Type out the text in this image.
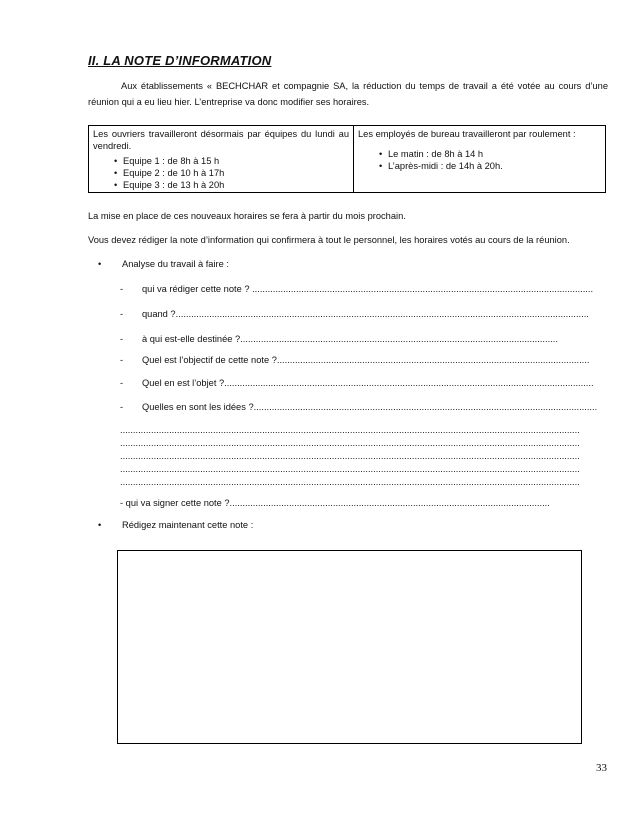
II. LA NOTE D’INFORMATION
Aux établissements « BECHCHAR et compagnie SA, la réduction du temps de travail a été votée au cours d’une réunion qui a eu lieu hier. L’entreprise va donc modifier ses horaires.
Les ouvriers travailleront désormais par équipes du lundi au vendredi.
• Equipe 1 : de 8h à 15 h
• Equipe 2 : de 10 h à 17h
• Equipe 3 : de 13 h à 20h
Les employés de bureau travailleront par roulement :
• Le matin : de 8h à 14 h
• L’après-midi : de 14h à 20h.
La mise en place de ces nouveaux horaires se fera à partir du mois prochain.
Vous devez rédiger la note d’information qui confirmera à tout le personnel, les horaires votés au cours de la réunion.
• Analyse du travail à faire :
- qui va rédiger cette note ? ....................................................................................................................................
- quand ?................................................................................................................................................................
- à qui est-elle destinée ?...........................................................................................................................
- Quel est l’objectif de cette note ?.........................................................................................................................
- Quel en est l’objet ?...............................................................................................................................................
- Quelles en sont les idées ?.....................................................................................................................................
..................................................................................................................................................................................
..................................................................................................................................................................................
..................................................................................................................................................................................
..................................................................................................................................................................................
..................................................................................................................................................................................
- qui va signer cette note ?............................................................................................................................
• Rédigez maintenant cette note :
33
